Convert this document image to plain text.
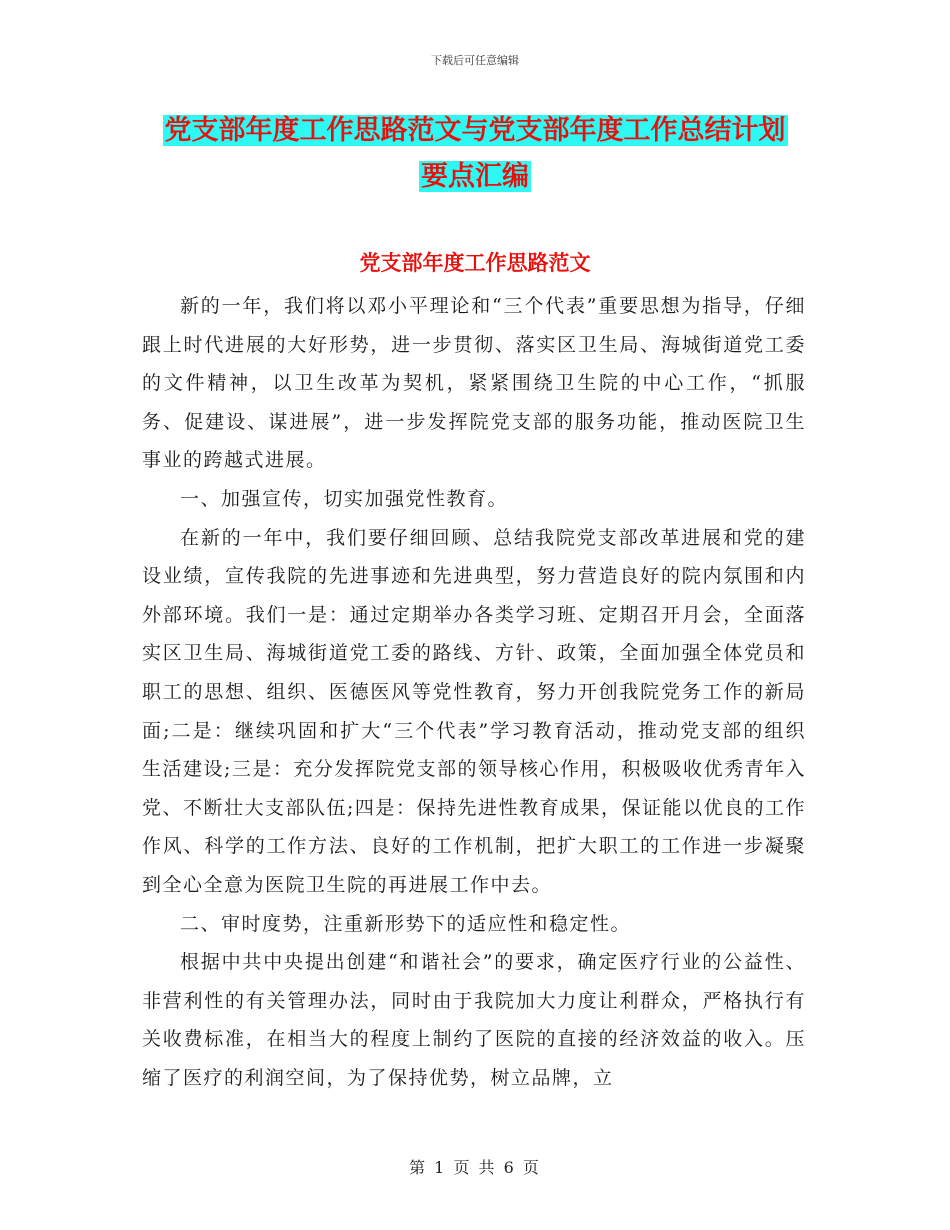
下载后可任意编辑
党支部年度工作思路范文与党支部年度工作总结计划
要点汇编
党支部年度工作思路范文

新的一年，我们将以邓小平理论和“三个代表”重要思想为指导，仔细跟上时代进展的大好形势，进一步贯彻、落实区卫生局、海城街道党工委的文件精神，以卫生改革为契机，紧紧围绕卫生院的中心工作，“抓服务、促建设、谋进展”，进一步发挥院党支部的服务功能，推动医院卫生事业的跨越式进展。

一、加强宣传，切实加强党性教育。

在新的一年中，我们要仔细回顾、总结我院党支部改革进展和党的建设业绩，宣传我院的先进事迹和先进典型，努力营造良好的院内氛围和内外部环境。我们一是：通过定期举办各类学习班、定期召开月会，全面落实区卫生局、海城街道党工委的路线、方针、政策，全面加强全体党员和职工的思想、组织、医德医风等党性教育，努力开创我院党务工作的新局面;二是：继续巩固和扩大“三个代表”学习教育活动，推动党支部的组织生活建设;三是：充分发挥院党支部的领导核心作用，积极吸收优秀青年入党、不断壮大支部队伍;四是：保持先进性教育成果，保证能以优良的工作作风、科学的工作方法、良好的工作机制，把扩大职工的工作进一步凝聚到全心全意为医院卫生院的再进展工作中去。

二、审时度势，注重新形势下的适应性和稳定性。

根据中共中央提出创建“和谐社会”的要求，确定医疗行业的公益性、非营利性的有关管理办法，同时由于我院加大力度让利群众，严格执行有关收费标准，在相当大的程度上制约了医院的直接的经济效益的收入。压缩了医疗的利润空间，为了保持优势，树立品牌，立

第 1 页 共 6 页
